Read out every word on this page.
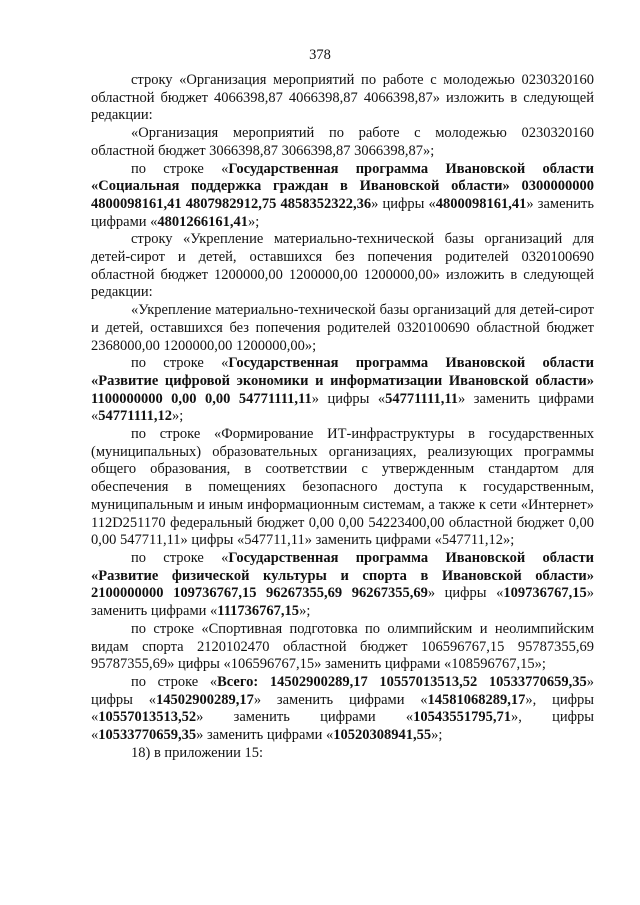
378

строку «Организация мероприятий по работе с молодежью 0230320160 областной бюджет 4066398,87 4066398,87 4066398,87» изложить в следующей редакции:

«Организация мероприятий по работе с молодежью 0230320160 областной бюджет 3066398,87 3066398,87 3066398,87»;

по строке «Государственная программа Ивановской области «Социальная поддержка граждан в Ивановской области» 0300000000 4800098161,41 4807982912,75 4858352322,36» цифры «4800098161,41» заменить цифрами «4801266161,41»;

строку «Укрепление материально-технической базы организаций для детей-сирот и детей, оставшихся без попечения родителей 0320100690 областной бюджет 1200000,00 1200000,00 1200000,00» изложить в следующей редакции:

«Укрепление материально-технической базы организаций для детей-сирот и детей, оставшихся без попечения родителей 0320100690 областной бюджет 2368000,00 1200000,00 1200000,00»;

по строке «Государственная программа Ивановской области «Развитие цифровой экономики и информатизации Ивановской области» 1100000000 0,00 0,00 54771111,11» цифры «54771111,11» заменить цифрами «54771111,12»;

по строке «Формирование ИТ-инфраструктуры в государственных (муниципальных) образовательных организациях, реализующих программы общего образования, в соответствии с утвержденным стандартом для обеспечения в помещениях безопасного доступа к государственным, муниципальным и иным информационным системам, а также к сети «Интернет» 112D251170 федеральный бюджет 0,00 0,00 54223400,00 областной бюджет 0,00 0,00 547711,11» цифры «547711,11» заменить цифрами «547711,12»;

по строке «Государственная программа Ивановской области «Развитие физической культуры и спорта в Ивановской области» 2100000000 109736767,15 96267355,69 96267355,69» цифры «109736767,15» заменить цифрами «111736767,15»;

по строке «Спортивная подготовка по олимпийским и неолимпийским видам спорта 2120102470 областной бюджет 106596767,15 95787355,69 95787355,69» цифры «106596767,15» заменить цифрами «108596767,15»;

по строке «Всего: 14502900289,17 10557013513,52 10533770659,35» цифры «14502900289,17» заменить цифрами «14581068289,17», цифры «10557013513,52» заменить цифрами «10543551795,71», цифры «10533770659,35» заменить цифрами «10520308941,55»;

18) в приложении 15:
